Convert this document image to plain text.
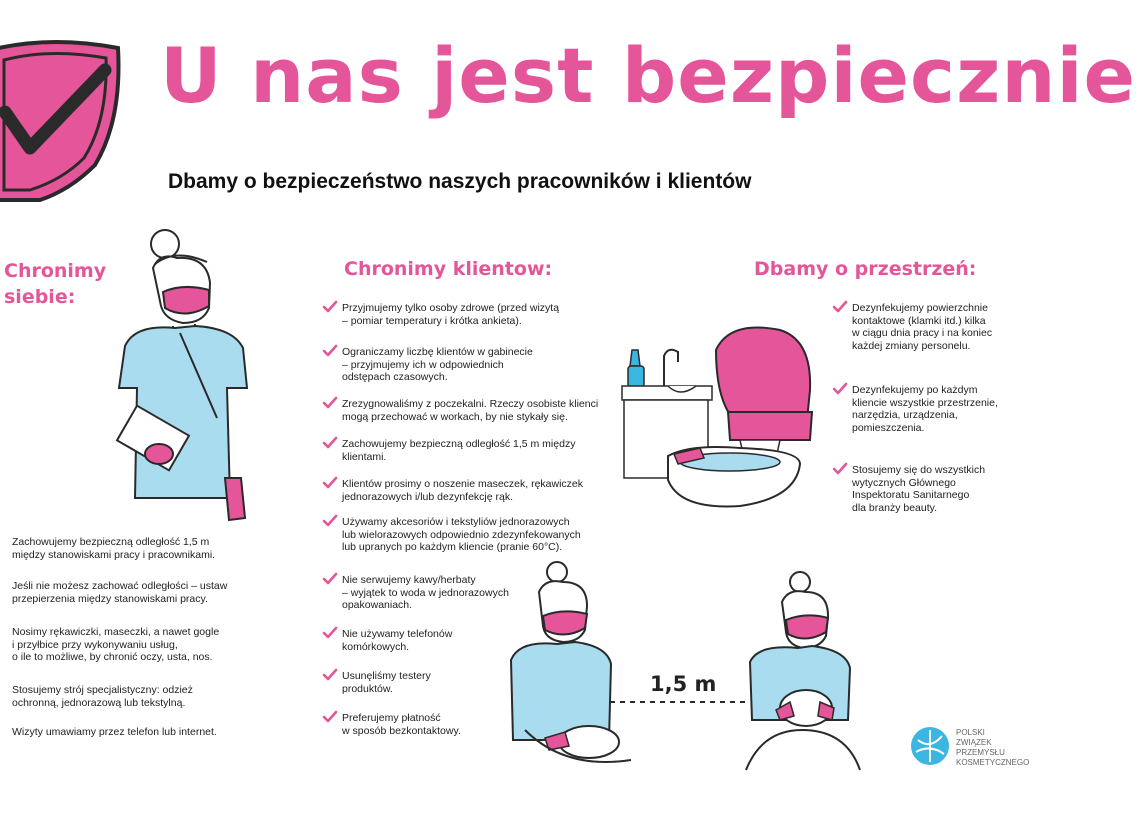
U nas jest bezpiecznie
Dbamy o bezpieczeństwo naszych pracowników i klientów
Chronimy
siebie:
Chronimy klientow:	Dbamy o przestrzeń:
Zachowujemy bezpieczną odległość 1,5 m
między stanowiskami pracy i pracownikami.
Jeśli nie możesz zachować odległości – ustaw
przepierzenia między stanowiskami pracy.
Nosimy rękawiczki, maseczki, a nawet gogle
i przyłbice przy wykonywaniu usług,
o ile to możliwe, by chronić oczy, usta, nos.
Stosujemy strój specjalistyczny: odzież
ochronną, jednorazową lub tekstylną.
Wizyty umawiamy przez telefon lub internet.
Przyjmujemy tylko osoby zdrowe (przed wizytą
– pomiar temperatury i krótka ankieta).
Ograniczamy liczbę klientów w gabinecie
– przyjmujemy ich w odpowiednich
odstępach czasowych.
Zrezygnowaliśmy z poczekalni. Rzeczy osobiste klienci
mogą przechować w workach, by nie stykały się.
Zachowujemy bezpieczną odległość 1,5 m między
klientami.
Klientów prosimy o noszenie maseczek, rękawiczek
jednorazowych i/lub dezynfekcję rąk.
Używamy akcesoriów i tekstyliów jednorazowych
lub wielorazowych odpowiednio zdezynfekowanych
lub upranych po każdym kliencie (pranie 60°C).
Nie serwujemy kawy/herbaty
– wyjątek to woda w jednorazowych
opakowaniach.
Nie używamy telefonów
komórkowych.
Usunęliśmy testery
produktów.
Preferujemy płatność
w sposób bezkontaktowy.
Dezynfekujemy powierzchnie
kontaktowe (klamki itd.) kilka
w ciągu dnia pracy i na koniec
każdej zmiany personelu.
Dezynfekujemy po każdym
kliencie wszystkie przestrzenie,
narzędzia, urządzenia,
pomieszczenia.
Stosujemy się do wszystkich
wytycznych Głównego
Inspektoratu Sanitarnego
dla branży beauty.
1,5 m
POLSKI
ZWIĄZEK
PRZEMYSŁU
KOSMETYCZNEGO
